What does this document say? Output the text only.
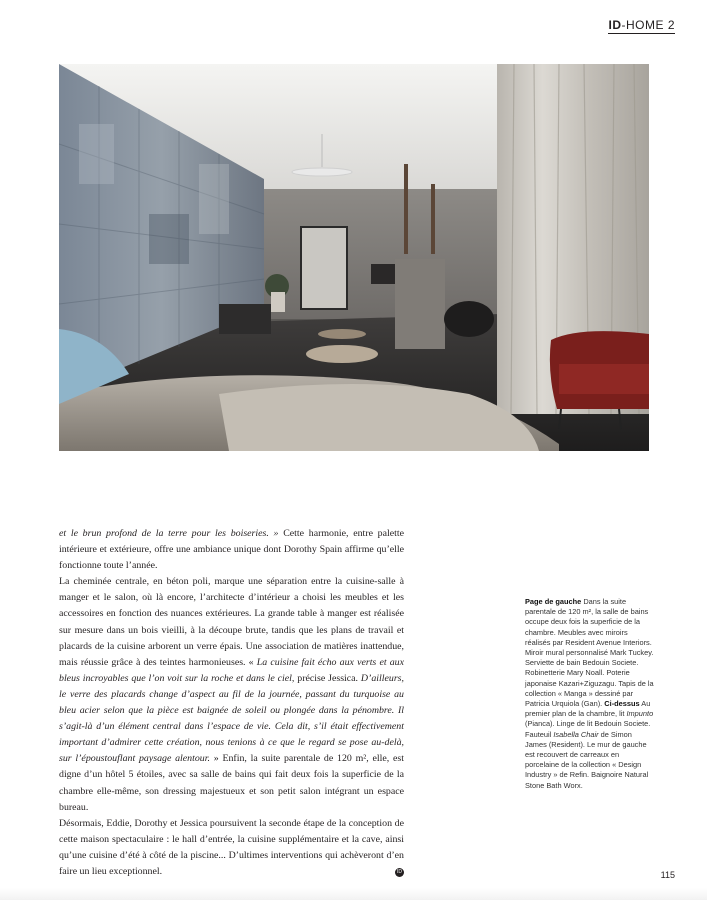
ID-HOME 2

et le brun profond de la terre pour les boiseries. » Cette harmonie, entre palette intérieure et extérieure, offre une ambiance unique dont Dorothy Spain affirme qu’elle fonctionne toute l’année.

La cheminée centrale, en béton poli, marque une séparation entre la cuisine-salle à manger et le salon, où là encore, l’architecte d’intérieur a choisi les meubles et les accessoires en fonction des nuances extérieures. La grande table à manger est réalisée sur mesure dans un bois vieilli, à la découpe brute, tandis que les plans de travail et placards de la cuisine arborent un verre épais. Une association de matières inattendue, mais réussie grâce à des teintes harmonieuses. « La cuisine fait écho aux verts et aux bleus incroyables que l’on voit sur la roche et dans le ciel, précise Jessica. D’ailleurs, le verre des placards change d’aspect au fil de la journée, passant du turquoise au bleu acier selon que la pièce est baignée de soleil ou plongée dans la pénombre. Il s’agit-là d’un élément central dans l’espace de vie. Cela dit, s’il était effectivement important d’admirer cette création, nous tenions à ce que le regard se pose au-delà, sur l’époustouflant paysage alentour. » Enfin, la suite parentale de 120 m², elle, est digne d’un hôtel 5 étoiles, avec sa salle de bains qui fait deux fois la superficie de la chambre elle-même, son dressing majestueux et son petit salon intégrant un espace bureau.

Désormais, Eddie, Dorothy et Jessica poursuivent la seconde étape de la conception de cette maison spectaculaire : le hall d’entrée, la cuisine supplémentaire et la cave, ainsi qu’une cuisine d’été à côté de la piscine... D’ultimes interventions qui achèveront d’en faire un lieu exceptionnel.	ID

Page de gauche Dans la suite parentale de 120 m², la salle de bains occupe deux fois la superficie de la chambre. Meubles avec miroirs réalisés par Resident Avenue Interiors. Miroir mural personnalisé Mark Tuckey. Serviette de bain Bedouin Societe. Robinetterie Mary Noall. Poterie japonaise Kazari+Ziguzagu. Tapis de la collection « Manga » dessiné par Patricia Urquiola (Gan). Ci-dessus Au premier plan de la chambre, lit Impunto (Pianca). Linge de lit Bedouin Societe. Fauteuil Isabella Chair de Simon James (Resident). Le mur de gauche est recouvert de carreaux en porcelaine de la collection « Design Industry » de Refin. Baignoire Natural Stone Bath Worx.
115
